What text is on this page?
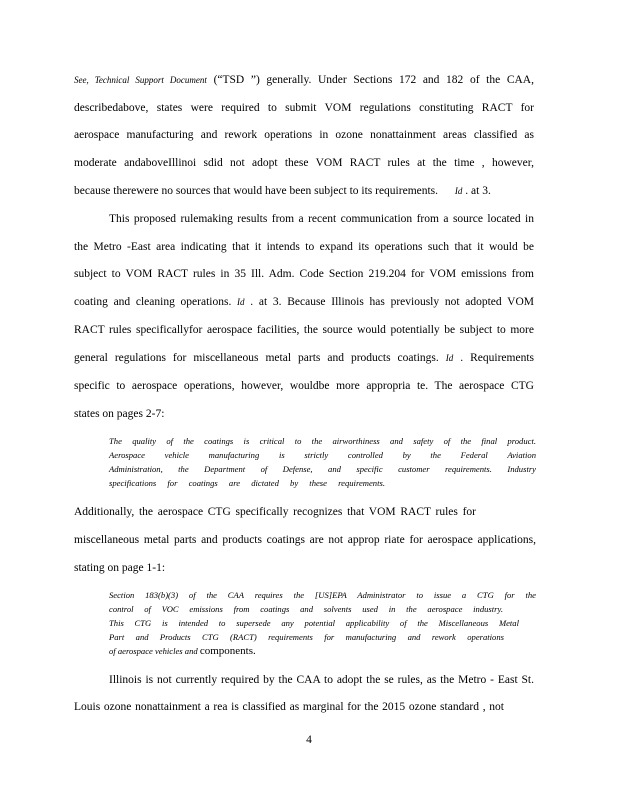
See, Technical Support Document (“TSD ”) generally. Under Sections 172 and 182 of the CAA,
describedabove, states were required to submit VOM regulations constituting RACT for
aerospace manufacturing and rework operations in ozone nonattainment areas classified as
moderate andaboveIllinoi sdid not adopt these VOM RACT rules at the time , however,
because therewere no sources that would have been subject to its requirements. Id . at 3.
This proposed rulemaking results from a recent communication from a source located in
the Metro -East area indicating that it intends to expand its operations such that it would be
subject to VOM RACT rules in 35 Ill. Adm. Code Section 219.204 for VOM emissions from
coating and cleaning operations. Id . at 3. Because Illinois has previously not adopted VOM
RACT rules specificallyfor aerospace facilities, the source would potentially be subject to more
general regulations for miscellaneous metal parts and products coatings. Id . Requirements
specific to aerospace operations, however, wouldbe more appropria te. The aerospace CTG
states on pages 2-7:
The quality of the coatings is critical to the airworthiness and safety of the final product.
Aerospace vehicle manufacturing is strictly controlled by the Federal Aviation
Administration, the Department of Defense, and specific customer requirements. Industry
specifications for coatings are dictated by these requirements.
Additionally, the aerospace CTG specifically recognizes that VOM RACT rules for
miscellaneous metal parts and products coatings are not approp riate for aerospace applications,
stating on page 1-1:
Section 183(b)(3) of the CAA requires the [US]EPA Administrator to issue a CTG for the
control of VOC emissions from coatings and solvents used in the aerospace industry.
This CTG is intended to supersede any potential applicability of the Miscellaneous Metal
Part and Products CTG (RACT) requirements for manufacturing and rework operations
of aerospace vehicles and components.
Illinois is not currently required by the CAA to adopt the se rules, as the Metro - East St.
Louis ozone nonattainment a rea is classified as marginal for the 2015 ozone standard , not
4
